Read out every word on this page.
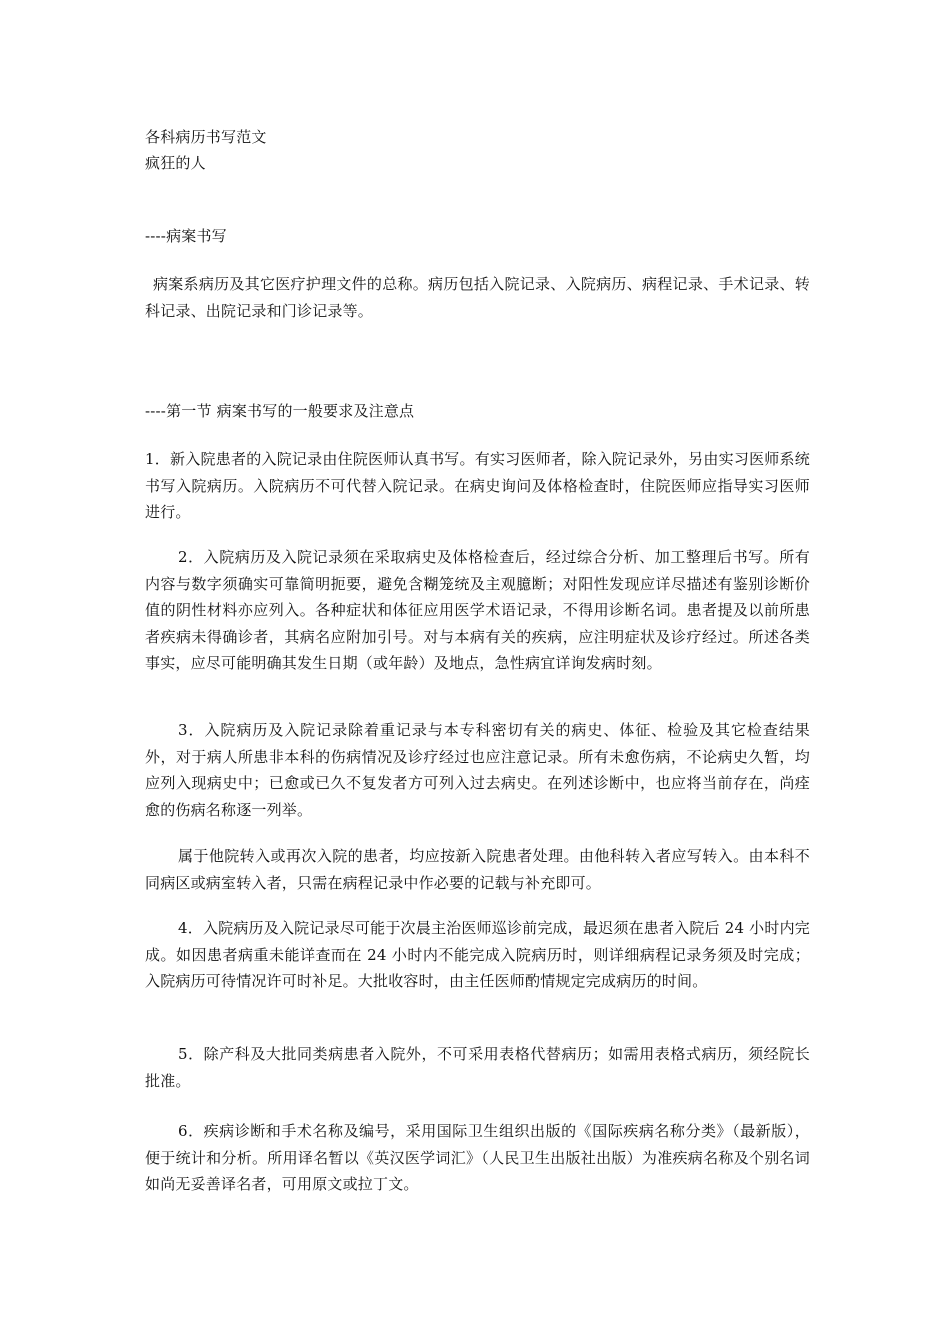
各科病历书写范文
疯狂的人
----病案书写
病案系病历及其它医疗护理文件的总称。病历包括入院记录、入院病历、病程记录、手术记录、转科记录、出院记录和门诊记录等。
----第一节 病案书写的一般要求及注意点
1．新入院患者的入院记录由住院医师认真书写。有实习医师者，除入院记录外，另由实习医师系统书写入院病历。入院病历不可代替入院记录。在病史询问及体格检查时，住院医师应指导实习医师进行。
2．入院病历及入院记录须在采取病史及体格检查后，经过综合分析、加工整理后书写。所有内容与数字须确实可靠简明扼要，避免含糊笼统及主观臆断；对阳性发现应详尽描述有鉴别诊断价值的阴性材料亦应列入。各种症状和体征应用医学术语记录，不得用诊断名词。患者提及以前所患者疾病未得确诊者，其病名应附加引号。对与本病有关的疾病，应注明症状及诊疗经过。所述各类事实，应尽可能明确其发生日期（或年龄）及地点，急性病宜详询发病时刻。
3．入院病历及入院记录除着重记录与本专科密切有关的病史、体征、检验及其它检查结果外，对于病人所患非本科的伤病情况及诊疗经过也应注意记录。所有未愈伤病，不论病史久暂，均应列入现病史中；已愈或已久不复发者方可列入过去病史。在列述诊断中，也应将当前存在，尚痊愈的伤病名称逐一列举。
属于他院转入或再次入院的患者，均应按新入院患者处理。由他科转入者应写转入。由本科不同病区或病室转入者，只需在病程记录中作必要的记载与补充即可。
4．入院病历及入院记录尽可能于次晨主治医师巡诊前完成，最迟须在患者入院后 24 小时内完成。如因患者病重未能详查而在 24 小时内不能完成入院病历时，则详细病程记录务须及时完成；入院病历可待情况许可时补足。大批收容时，由主任医师酌情规定完成病历的时间。
5．除产科及大批同类病患者入院外，不可采用表格代替病历；如需用表格式病历，须经院长批准。
6．疾病诊断和手术名称及编号，采用国际卫生组织出版的《国际疾病名称分类》（最新版），便于统计和分析。所用译名暂以《英汉医学词汇》（人民卫生出版社出版）为准疾病名称及个别名词如尚无妥善译名者，可用原文或拉丁文。
